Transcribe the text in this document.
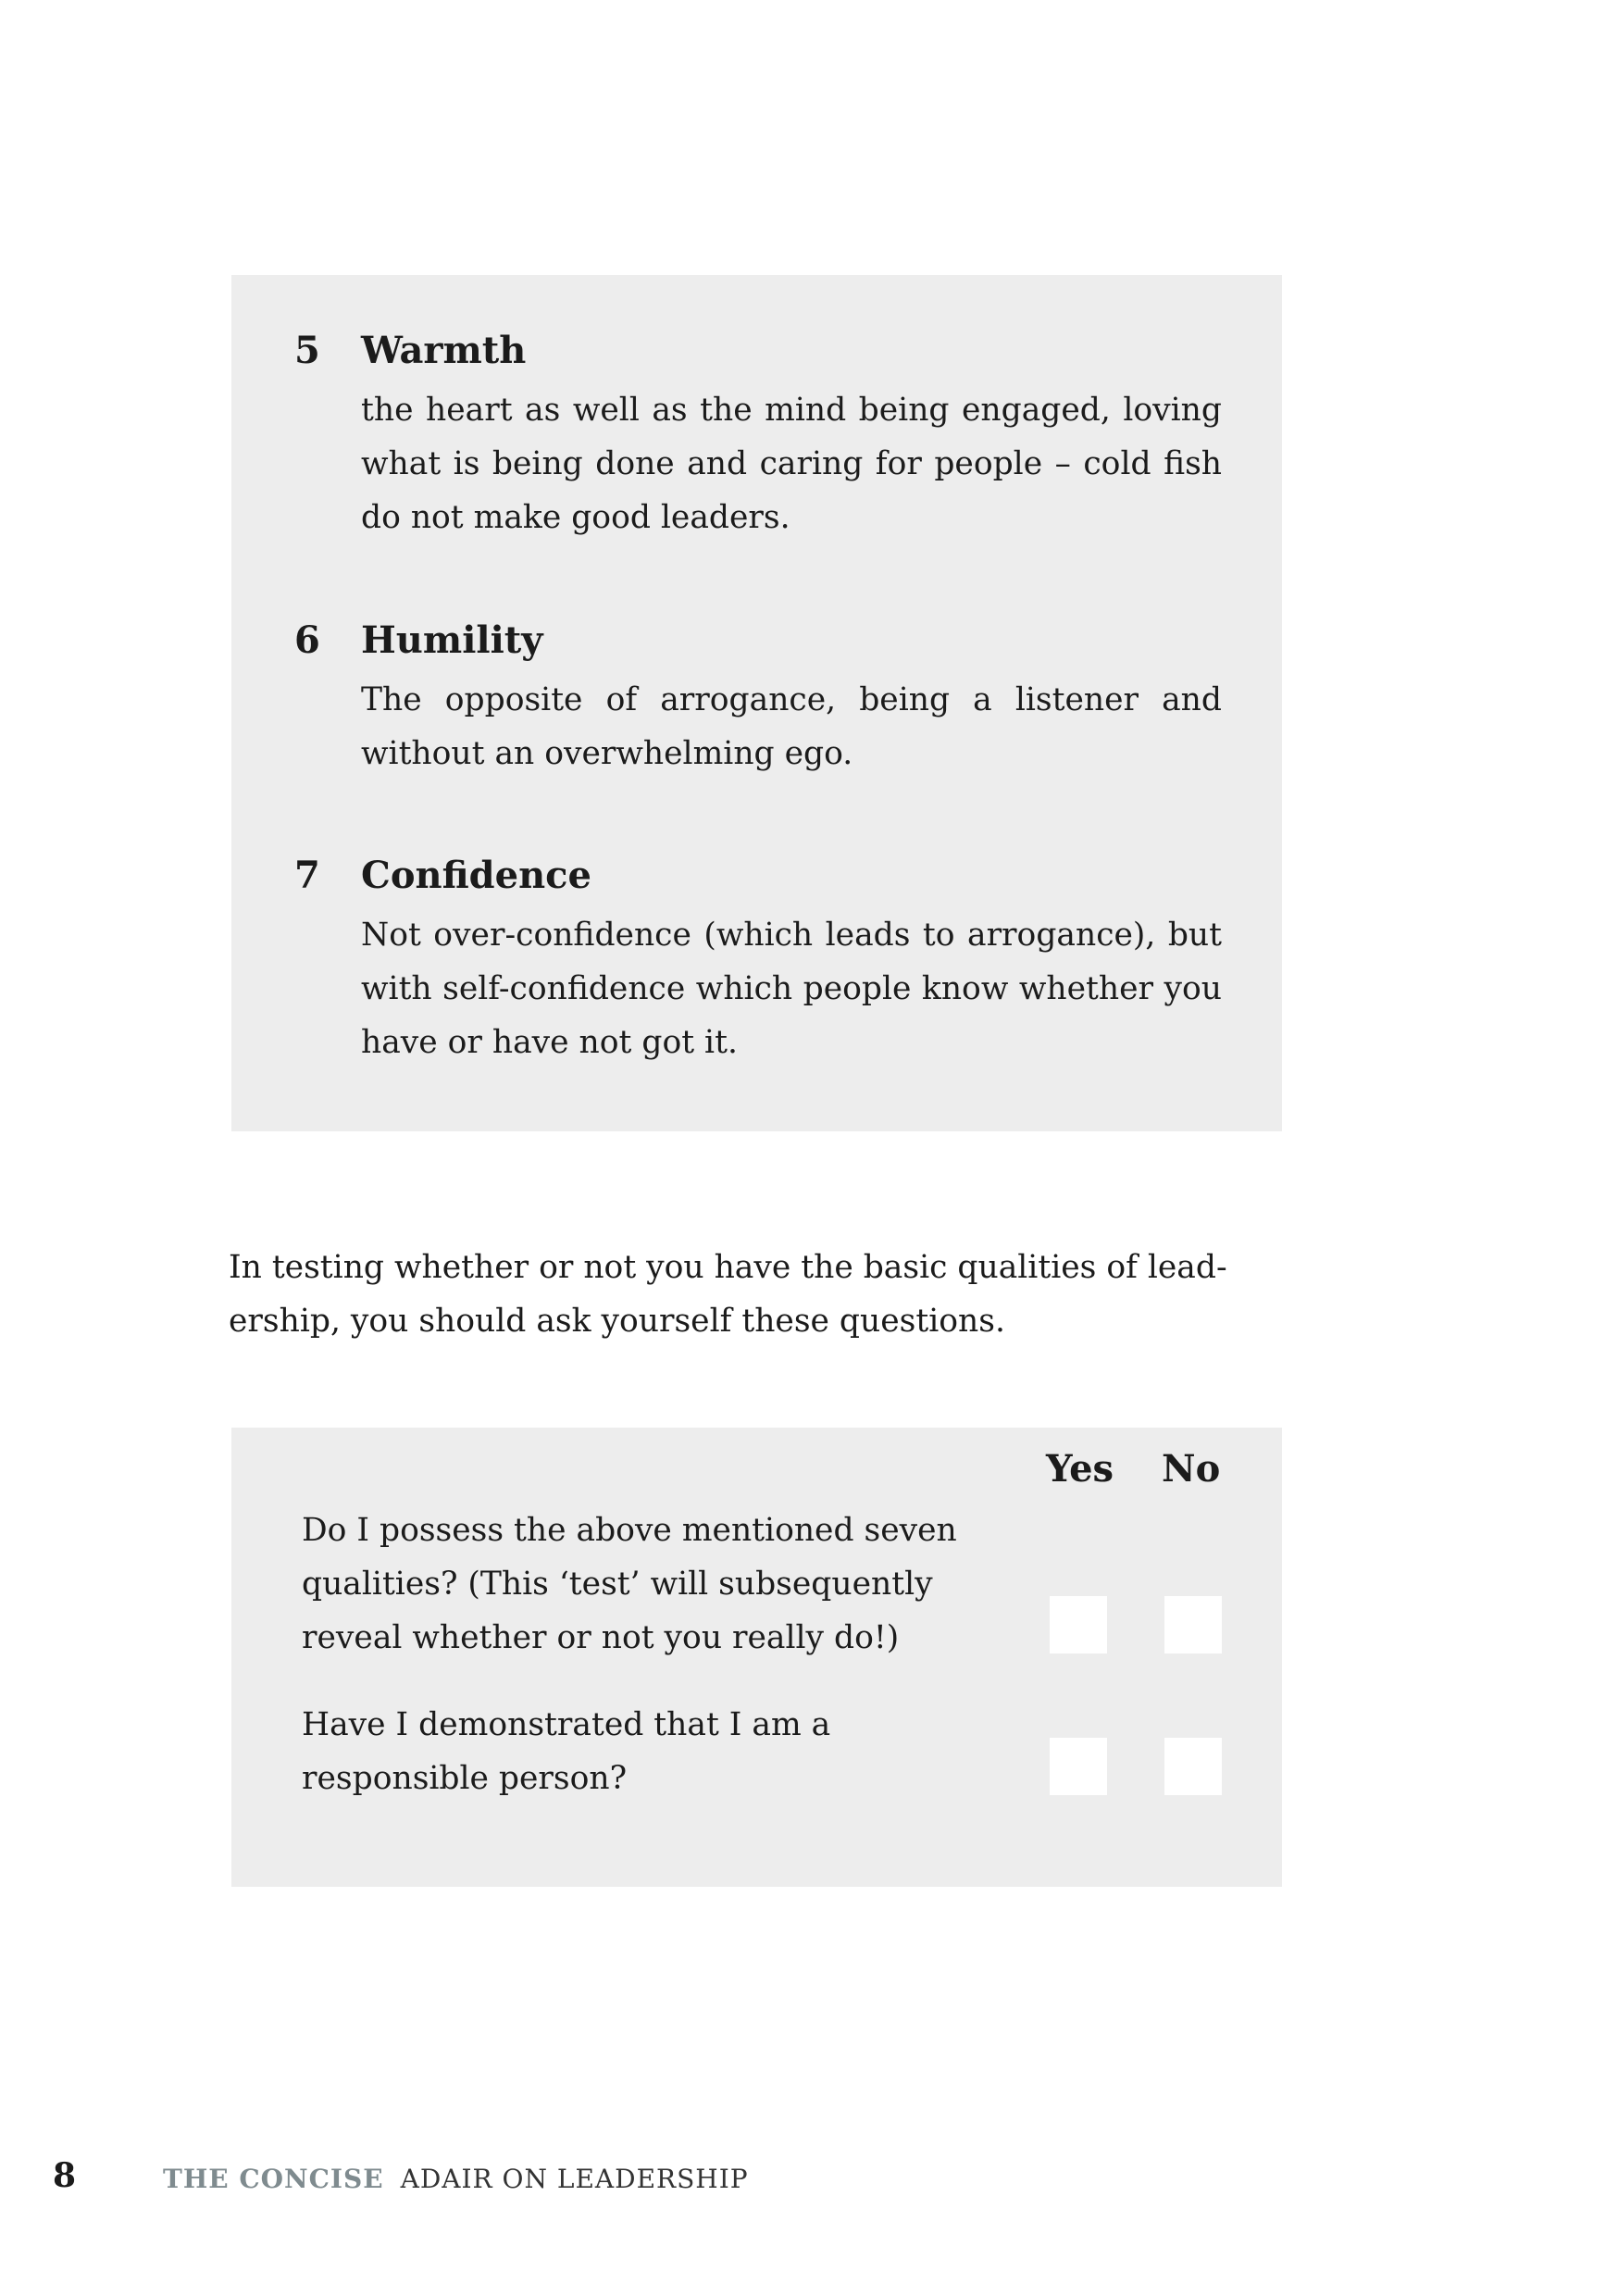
5	Warmth

the heart as well as the mind being engaged, loving what is being done and caring for people – cold fish do not make good leaders.

6	Humility

The opposite of arrogance, being a listener and without an overwhelming ego.

7	Confidence

Not over-confidence (which leads to arrogance), but with self-confidence which people know whether you have or have not got it.

In testing whether or not you have the basic qualities of lead-ership, you should ask yourself these questions.

Yes No

Do I possess the above mentioned seven qualities? (This ‘test’ will subsequently reveal whether or not you really do!)

Have I demonstrated that I am a responsible person?

8	THE CONCISE ADAIR ON LEADERSHIP
